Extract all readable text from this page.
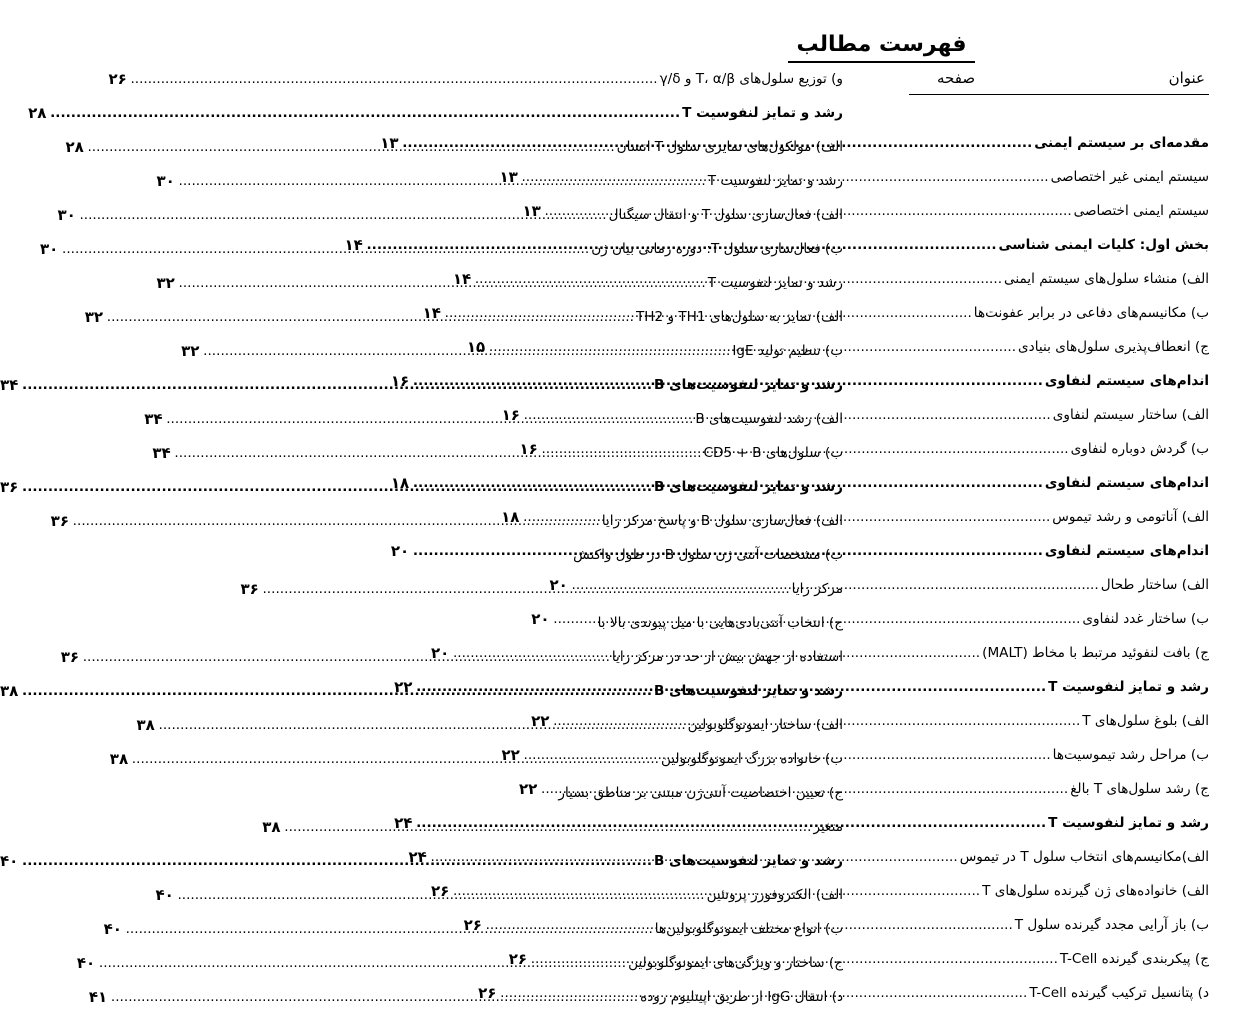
فهرست مطالب
عنوان
صفحه
مقدمه‌ای بر سیستم ایمنی
.....
۱۳
سیستم ایمنی غیر اختصاصی
.....
۱۳
سیستم ایمنی اختصاصی
.....
۱۳
بخش اول: کلیات ایمنی شناسی
.....
۱۴
الف) منشاء سلول‌های سیستم ایمنی
.....
۱۴
ب) مکانیسم‌های دفاعی در برابر عفونت‌ها
.....
۱۴
ج) انعطاف‌پذیری سلول‌های بنیادی
.....
۱۵
اندام‌های سیستم لنفاوی
.....
۱۶
الف) ساختار سیستم لنفاوی
.....
۱۶
ب) گردش دوباره لنفاوی
.....
۱۶
اندام‌های سیستم لنفاوی
.....
۱۸
الف) آناتومی و رشد تیموس
.....
۱۸
اندام‌های سیستم لنفاوی
.....
۲۰
الف) ساختار طحال
.....
۲۰
ب) ساختار غدد لنفاوی
.....
۲۰
ج) بافت لنفوئید مرتبط با مخاط (MALT)
.....
۲۰
رشد و تمایز لنفوسیت T
.....
۲۲
الف) بلوغ سلول‌های T
.....
۲۲
ب) مراحل رشد تیموسیت‌ها
.....
۲۲
ج) رشد سلول‌های T بالغ
.....
۲۲
رشد و تمایز لنفوسیت T
.....
۲۴
الف)مکانیسم‌های انتخاب سلول T در تیموس
.....
۲۴
الف) خانواده‌های ژن گیرنده سلول‌های T
.....
۲۶
ب) باز آرایی مجدد گیرنده سلول T
.....
۲۶
ج) پیکربندی گیرنده T-Cell
.....
۲۶
د) پتانسیل ترکیب گیرنده T-Cell
.....
۲۶
و) توزیع سلول‌های T، α/β و γ/δ
.....
۲۶
رشد و تمایز لنفوسیت T
.....
۲۸
الف) مولکول‌های تمایزی سلول T انسان
.....
۲۸
رشد و تمایز لنفوسیت T
.....
۳۰
الف) فعال‌سازی سلول T و انتقال سیگنال
.....
۳۰
ب) فعال‌سازی سلول T: دوره زمانی بیان ژن
.....
۳۰
رشد و تمایز لنفوسیت T
.....
۳۲
الف) تمایز به سلول‌های TH1 و TH2
.....
۳۲
ب) تنظیم تولید IgE
.....
۳۲
رشد و تمایز لنفوسیت‌های B
.....
۳۴
الف) رشد لنفوسیت‌های B
.....
۳۴
ب) سلول‌های CD5 + B
.....
۳۴
رشد و تمایز لنفوسیت‌های B
.....
۳۶
الف) فعال‌سازی سلول B و پاسخ مرکز زایا
.....
۳۶
ب) مشخصات آنتی ژن سلول B در طول واکنش
مرکز زایا
.....
۳۶
ج) انتخاب آنتی‌بادی‌هایی با میل پیوندی بالا با
استفاده از جهش بیش از حد در مرکز زایا
.....
۳۶
رشد و تمایز لنفوسیت‌های B
.....
۳۸
الف) ساختار ایمونوگلوبولین
.....
۳۸
ب) خانواده بزرگ ایمونوگلوبولین
.....
۳۸
ج) تعیین اختصاصیت آنتی‌ژن مبتنی بر مناطق بسیار
متغیر
.....
۳۸
رشد و تمایز لنفوسیت‌های B
.....
۴۰
الف) الکتروفورز پروتئین
.....
۴۰
ب) انواع مختلف ایمونوگلوبولین‌ها
.....
۴۰
ج) ساختار و ویژگی‌های ایمونوگلوبولین
.....
۴۰
د) انتقال IgG از طریق اپیتلیوم روده
.....
۴۱
